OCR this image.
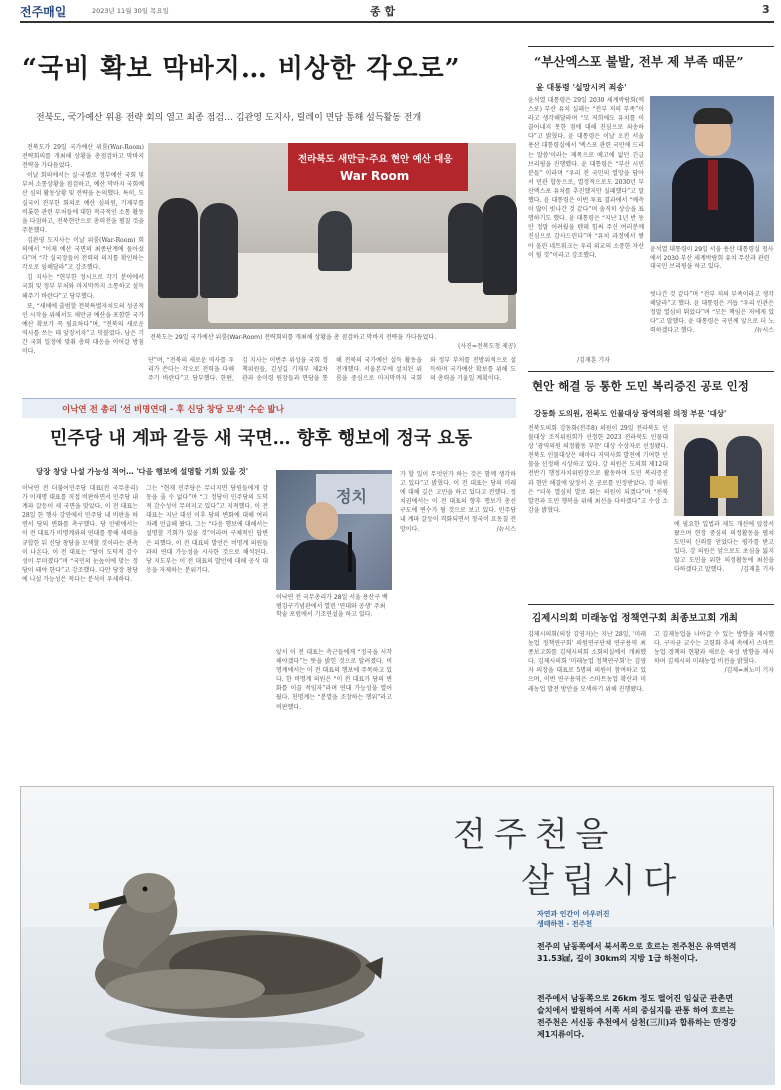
전주매일	2023년 11월 30일 목요일	종 합	3
“국비 확보 막바지… 비상한 각오로”
전북도, 국가예산 위용 전략 회의 열고 최종 점검… 김관영 도지사, 릴레이 면담 통해 설득활동 전개

전북도가 29일 국가예산 위룸(War-Room) 전략회의를 개최해 상황을 총점검하고 막바지 전략을 가다듬었다.

이날 회의에서는 실·국별로 정부예산 국회 및 부처 소통상황을 점검하고, 예산 막바지 국회예산 심의 활동상황 및 전략을 논의했다. 특히, 도 실국이 전부한 회의로 예산 심의원, 기재부를 비롯한 관련 부처들에 대한 적극적인 소통 활동을 다짐하고, 전북현안으로 총력전을 펼칠 것을 주문했다.

김관영 도지사는 이날 위룸(War-Room) 회의에서 “이제 예산 국면의 최종단계에 돌아섰다”며 “각 실국장들이 전력의 의지를 확인하는 각오로 임해달라”고 강조했다.

김 지사는 “현부한 정시으로 각기 분야에서 국회 및 정부 부처와 마지막까지 소통하고 설득해주기 바란다”고 당부했다.

또, “새해에 출범할 전북특별자치도의 성공적인 시작을 위해서도 새만금 예산을 포함한 국가예산 확보가 꼭 필요하다”며, “전북의 새로운 역사를 쓰는 데 앞장서자”고 덧붙였다. 남은 기간 국회 일정에 맞춰 총력 대응을 이어갈 방침이다.

전라북도 새만금·주요 현안 예산 대응
War Room
전북도는 29일 국가예산 위룸(War-Room) 전략회의를 개최해 상황을 총 점검하고 막바지 전략을 가다듬었다.
(사진=전북도청 제공)
단”며, “전북의 새로운 역사를 우리가 쓴다는 각오로 전력을 다해주기 바란다”고 당부했다. 한편, 김 지사는 이번주 위성을 국회 정책위원들, 김성길 기재부 제2차관과 송미령 원장들과 면담을 통해 전북의 국가예산 설득 활동을 전개했다. 서울본부에 설치된 위룸을 중심으로 마지막까지 국회와 정부 부처를 전방위적으로 설득하며 국가예산 확보를 위해 도의 총력을 기울일 계획이다.
/김재훈 기자
“부산엑스포 불발, 전부 제 부족 때문”
윤 대통령 '실망시켜 죄송'
윤석열 대통령은 29일 2030 세계박람회(엑스포) 부산 유치 실패는 “전부 저의 부족”이라고 생각해달라며 “모 저희에도 유치를 이끌어내지 못한 점에 대해 진심으로 죄송하다”고 밝혔다. 윤 대통령은 이날 오전 서울 용산 대통령실에서 '엑스포 관련 국민에 드리는 말씀'이라는 제목으로 예고에 없던 긴급 브리핑을 진행했다. 윤 대통령은 “부산 시민분들” 이라며 “우리 전 국민의 열망을 담아서 민관 합동으로, 열정적으로도 2030년 부산엑스포 유치를 추진했지만 실패했다”고 말했다. 윤 대통령은 이번 투표 결과에서 “예측이 많이 빗나간 것 같다”며 솔직히 상승을 표명하기도 했다. 윤 대통령은 “지난 1년 반 동안 정말 어려웠을 텐데 힘써 주신 여러분께 진심으로 감사드린다”며 “유치 과정에서 쌓아 올린 네트워크는 우리 외교의 소중한 자산이 될 것”이라고 강조했다.
윤석열 대통령이 29일 서울 용산 대통령실 청사에서 2030 부산 세계박람회 유치 무산과 관련 대국민 브리핑을 하고 있다.
빗나간 것 같다”며 “전부 저의 부족이라고 생각해달라”고 했다. 윤 대통령은 거듭 “우리 민관은 정말 열심히 뛰었다”며 “모든 책임은 저에게 있다”고 말했다. 윤 대통령은 국민께 앞으로 더 노력하겠다고 했다.	/뉴시스
현안 해결 등 통한 도민 복리증진 공로 인정
강동화 도의원, 전북도 인물대상 광역의원 의정 부문 '대상'
전북도의회 강동화(전주8) 의원이 29일 전라북도 인물대상 조직위원회가 선정한 2023 전라북도 인물대상 '광역의원 의정활동 부문' 대상 수상자로 선정됐다. 전북도 인물대상은 해마다 지역사회 발전에 기여한 인물을 선정해 시상하고 있다. 강 의원은 도의회 제12대 전반기 행정자치위원장으로 활동하며 도민 복리증진과 현안 해결에 앞장서 온 공로를 인정받았다. 강 의원은 “더욱 열심히 발로 뛰는 의원이 되겠다”며 “전북 발전과 도민 행복을 위해 최선을 다하겠다”고 수상 소감을 밝혔다.
에 필요한 입법과 제도 개선에 앞장서 왔으며 현장 중심의 의정활동을 펼쳐 도민의 신뢰를 얻었다는 평가를 받고 있다. 강 의원은 앞으로도 초심을 잃지 않고 도민을 위한 의정활동에 최선을 다하겠다고 말했다.	/김재훈 기자
이낙연 전 총리 '선 비명연대 - 후 신당 창당 모색' 수순 밟나
민주당 내 계파 갈등 새 국면… 향후 행보에 정국 요동
당장 창당 나설 가능성 적어… '다음 행보에 설명할 기회 있을 것'
이낙연 전 더불어민주당 대표(전 국무총리)가 이재명 대표를 직접 비판하면서 민주당 내 계파 갈등이 새 국면을 맞았다. 이 전 대표는 28일 한 행사 강연에서 민주당 내 비판을 하면서 당의 변화를 촉구했다. 당 안팎에서는 이 전 대표가 비명계와의 연대를 통해 세력을 규합한 뒤 신당 창당을 모색할 것이라는 관측이 나온다. 이 전 대표는 “당이 도덕적 감수성이 무뎌졌다”며 “국민의 눈높이에 맞는 정당이 돼야 한다”고 강조했다. 다만 당장 창당에 나설 가능성은 적다는 분석이 우세하다.
그는 “현재 민주당은 무너지면 당원들에게 감동을 줄 수 없다”며 “그 정당이 민주당의 도덕적 감수성이 무뎌지고 있다”고 지적했다. 이 전 대표는 지난 대선 이후 당의 변화에 대해 여러 차례 언급해 왔다. 그는 “다음 행보에 대해서는 설명할 기회가 있을 것”이라며 구체적인 답변은 피했다. 이 전 대표의 발언은 비명계 의원들과의 연대 가능성을 시사한 것으로 해석된다. 당 지도부는 이 전 대표의 발언에 대해 공식 대응을 자제하는 분위기다.
정치
이낙연 전 국무총리가 28일 서울 용산구 백범김구기념관에서 열린 '연대와 공생' 주최 학술 포럼에서 기조연설을 하고 있다.
앞서 이 전 대표는 측근들에게 “정국을 시작해야겠다”는 뜻을 밝힌 것으로 알려졌다. 비명계에서는 이 전 대표의 행보에 주목하고 있다. 한 비명계 의원은 “이 전 대표가 당의 변화를 이끌 적임자”라며 연대 가능성을 열어뒀다. 친명계는 “분열을 조장하는 행위”라고 비판했다.
가 할 일이 무엇인가 하는 것은 함께 생각하고 있다”고 밝혔다. 이 전 대표는 당의 미래에 대해 깊은 고민을 하고 있다고 전했다. 정치권에서는 이 전 대표의 향후 행보가 총선 구도에 변수가 될 것으로 보고 있다. 민주당 내 계파 갈등이 격화되면서 정국이 요동칠 전망이다.	/뉴시스
김제시의회 미래농업 정책연구회 최종보고회 개최
김제시의회(의장 김영자)는 지난 28일, '미래농업 정책연구회' 의원연구단체 연구용역 최종보고회를 김제시의회 소회의실에서 개최했다. 김제시의회 '미래농업 정책연구회'는 김영자 의장을 대표로 5명의 의원이 참여하고 있으며, 이번 연구용역은 스마트농업 확산과 미래농업 발전 방안을 모색하기 위해 진행됐다.
고 김제농업을 나아갈 수 있는 방향을 제시했다. 구자균 교수는 고령화 추세 속에서 스마트 농업 정책의 현황과 새로운 육성 방향을 제시하며 김제시의 미래농업 비전을 밝혔다.
/김제=최노미 기자
전주천을
살립시다
자연과 인간이 어우러진
생태하천 - 전주천
전주의 남동쪽에서 북서쪽으로 흐르는 전주천은 유역면적 31.53㎢, 길이 30km의 지방 1급 하천이다.
전주에서 남동쪽으로 26km 정도 떨어진 임실군 관촌면 슬치에서 발원하여 서쪽 서의 중심지를 관통 하여 흐르는 전주천은 서신동 추천에서 삼천(三川)과 합류하는 만경강 제1지류이다.
